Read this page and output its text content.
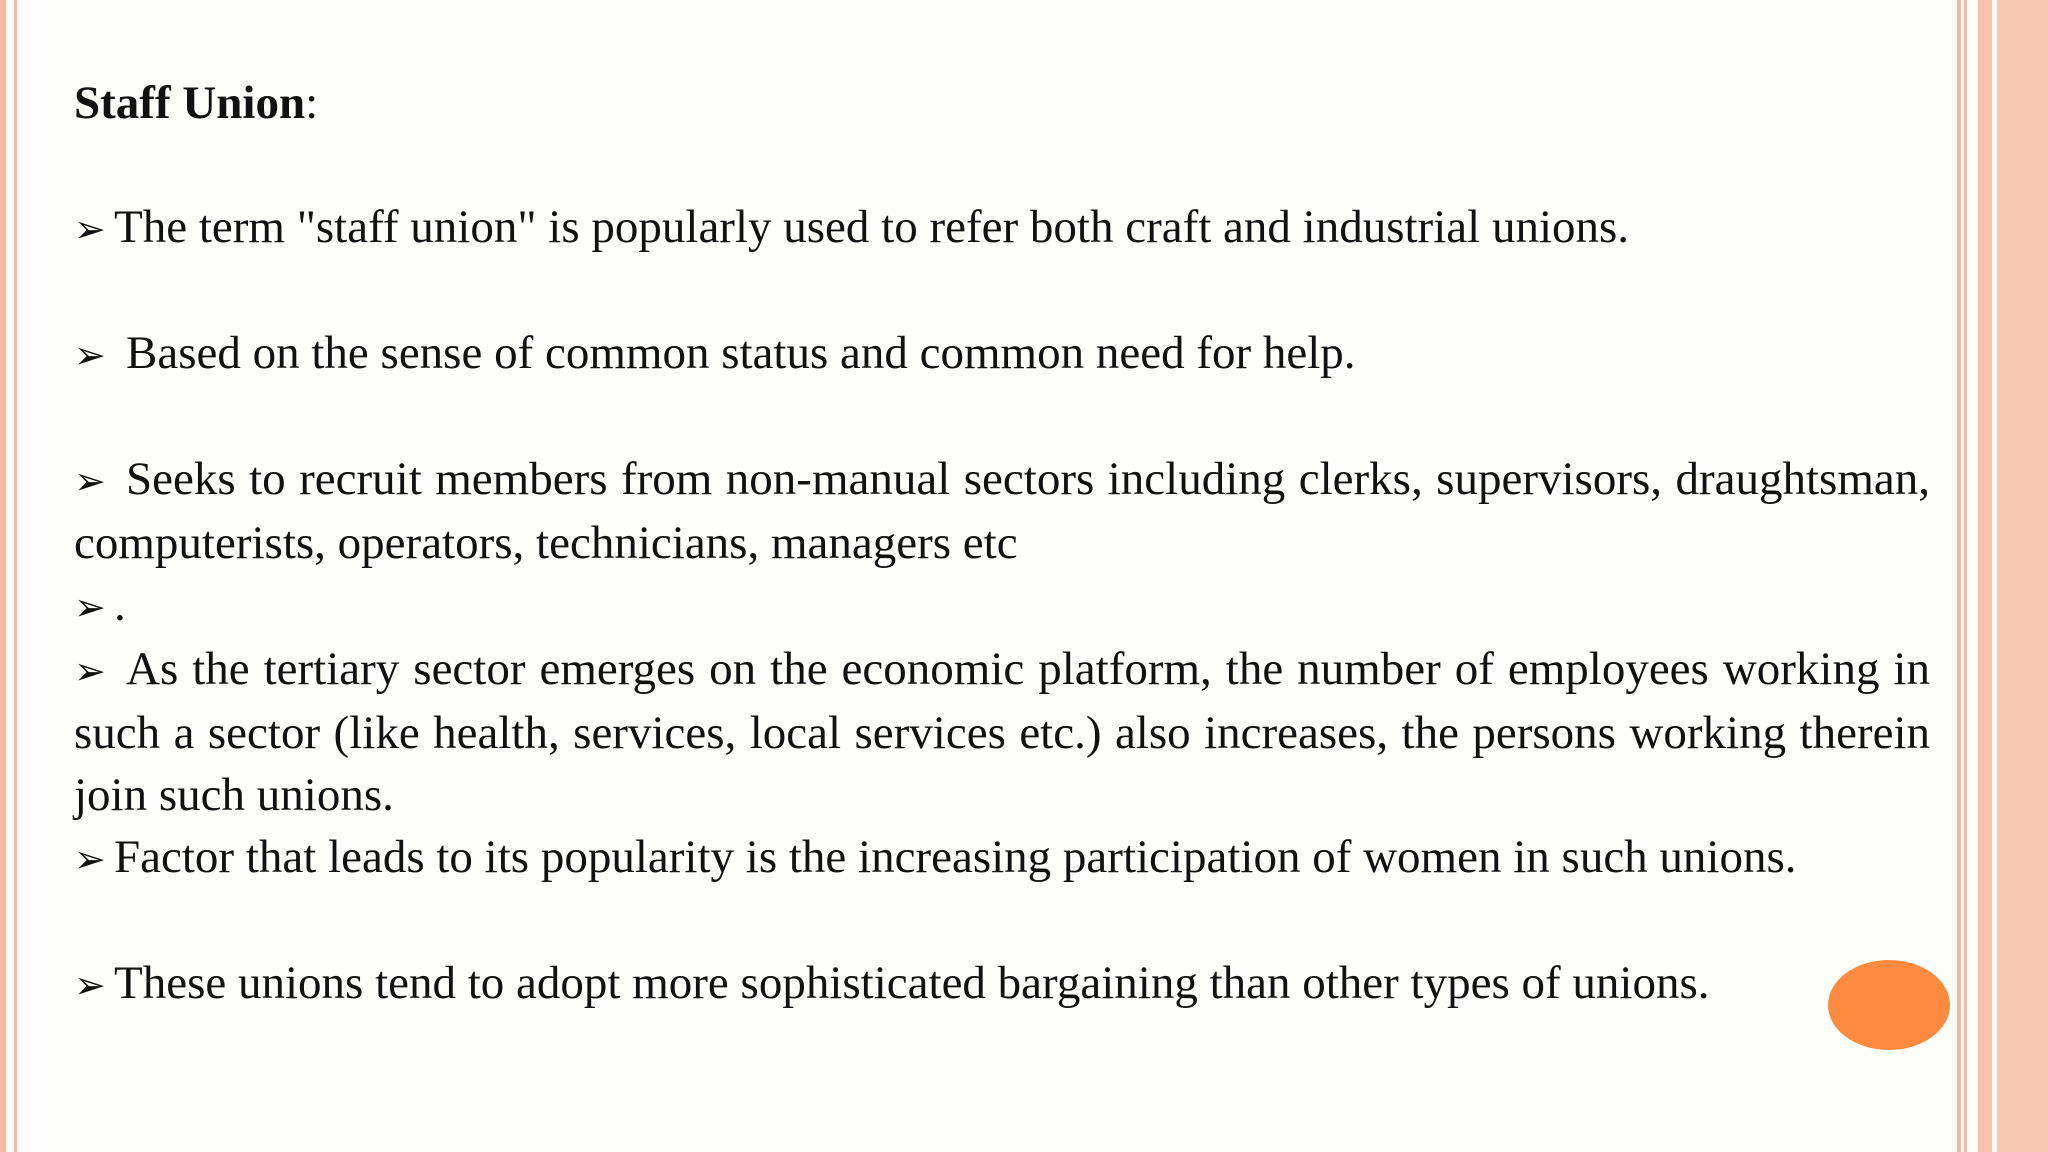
Staff Union:

➢ The term "staff union" is popularly used to refer both craft and industrial unions.

➢ Based on the sense of common status and common need for help.

➢ Seeks to recruit members from non-manual sectors including clerks, supervisors, draughtsman, computerists, operators, technicians, managers etc

➢ .

➢ As the tertiary sector emerges on the economic platform, the number of employees working in such a sector (like health, services, local services etc.) also increases, the persons working therein join such unions.

➢ Factor that leads to its popularity is the increasing participation of women in such unions.

➢ These unions tend to adopt more sophisticated bargaining than other types of unions.
